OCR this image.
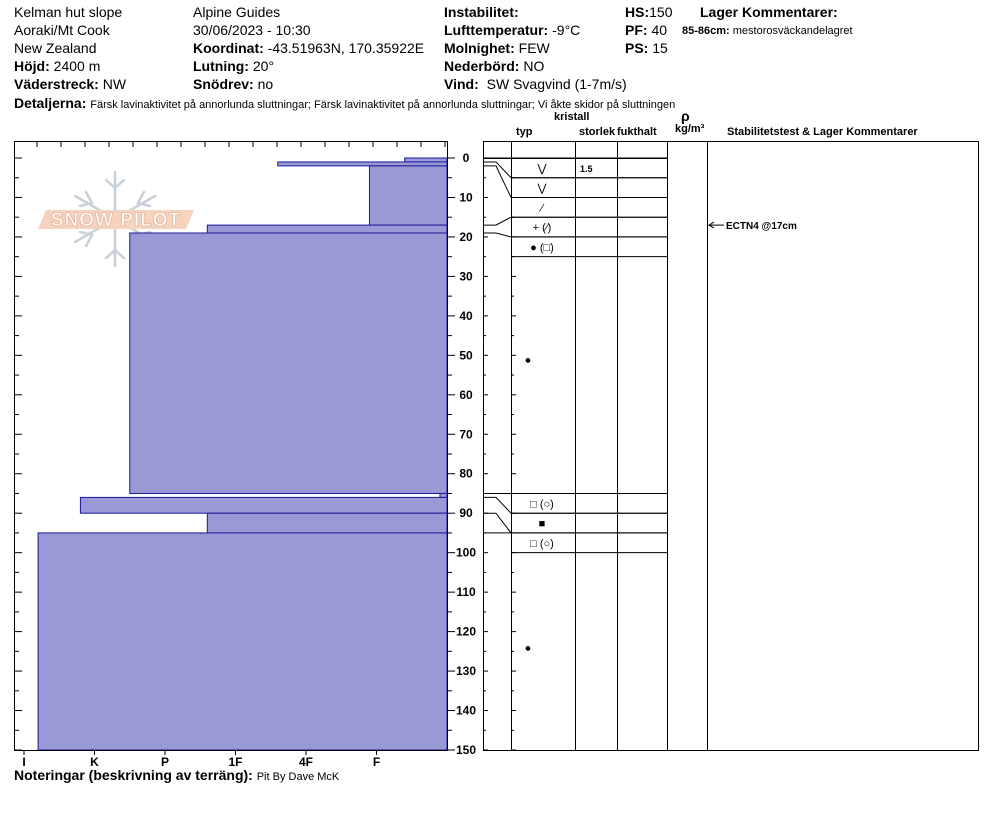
Kelman hut slope
Aoraki/Mt Cook
New Zealand
Höjd: 2400 m
Väderstreck: NW
Alpine Guides
30/06/2023 - 10:30
Koordinat: -43.51963N, 170.35922E
Lutning: 20°
Snödrev: no
Instabilitet:
Lufttemperatur: -9°C
Molnighet: FEW
Nederbörd: NO
Vind: SW Svagvind (1-7m/s)
HS:150
PF: 40
PS: 15
Lager Kommentarer:
85-86cm: mestorosväckandelagret
Detaljerna: Färsk lavinaktivitet på annorlunda sluttningar; Färsk lavinaktivitet på annorlunda sluttningar; Vi åkte skidor på sluttningen
kristall	ρ
typ	storlek fukthalt kg/m³ Stabilitetstest & Lager Kommentarer
SNOW PILOT
I	K	P	1F	4F	F
0
10
20
30
40
50
60
70
80
90
100
110
120
130
140
150
⋁	1.5
⋁
⁄
+ (⁄)
● (□)
□ (○)
■
□ (○)
●
●
ECTN4 @17cm
Noteringar (beskrivning av terräng): Pit By Dave McK
